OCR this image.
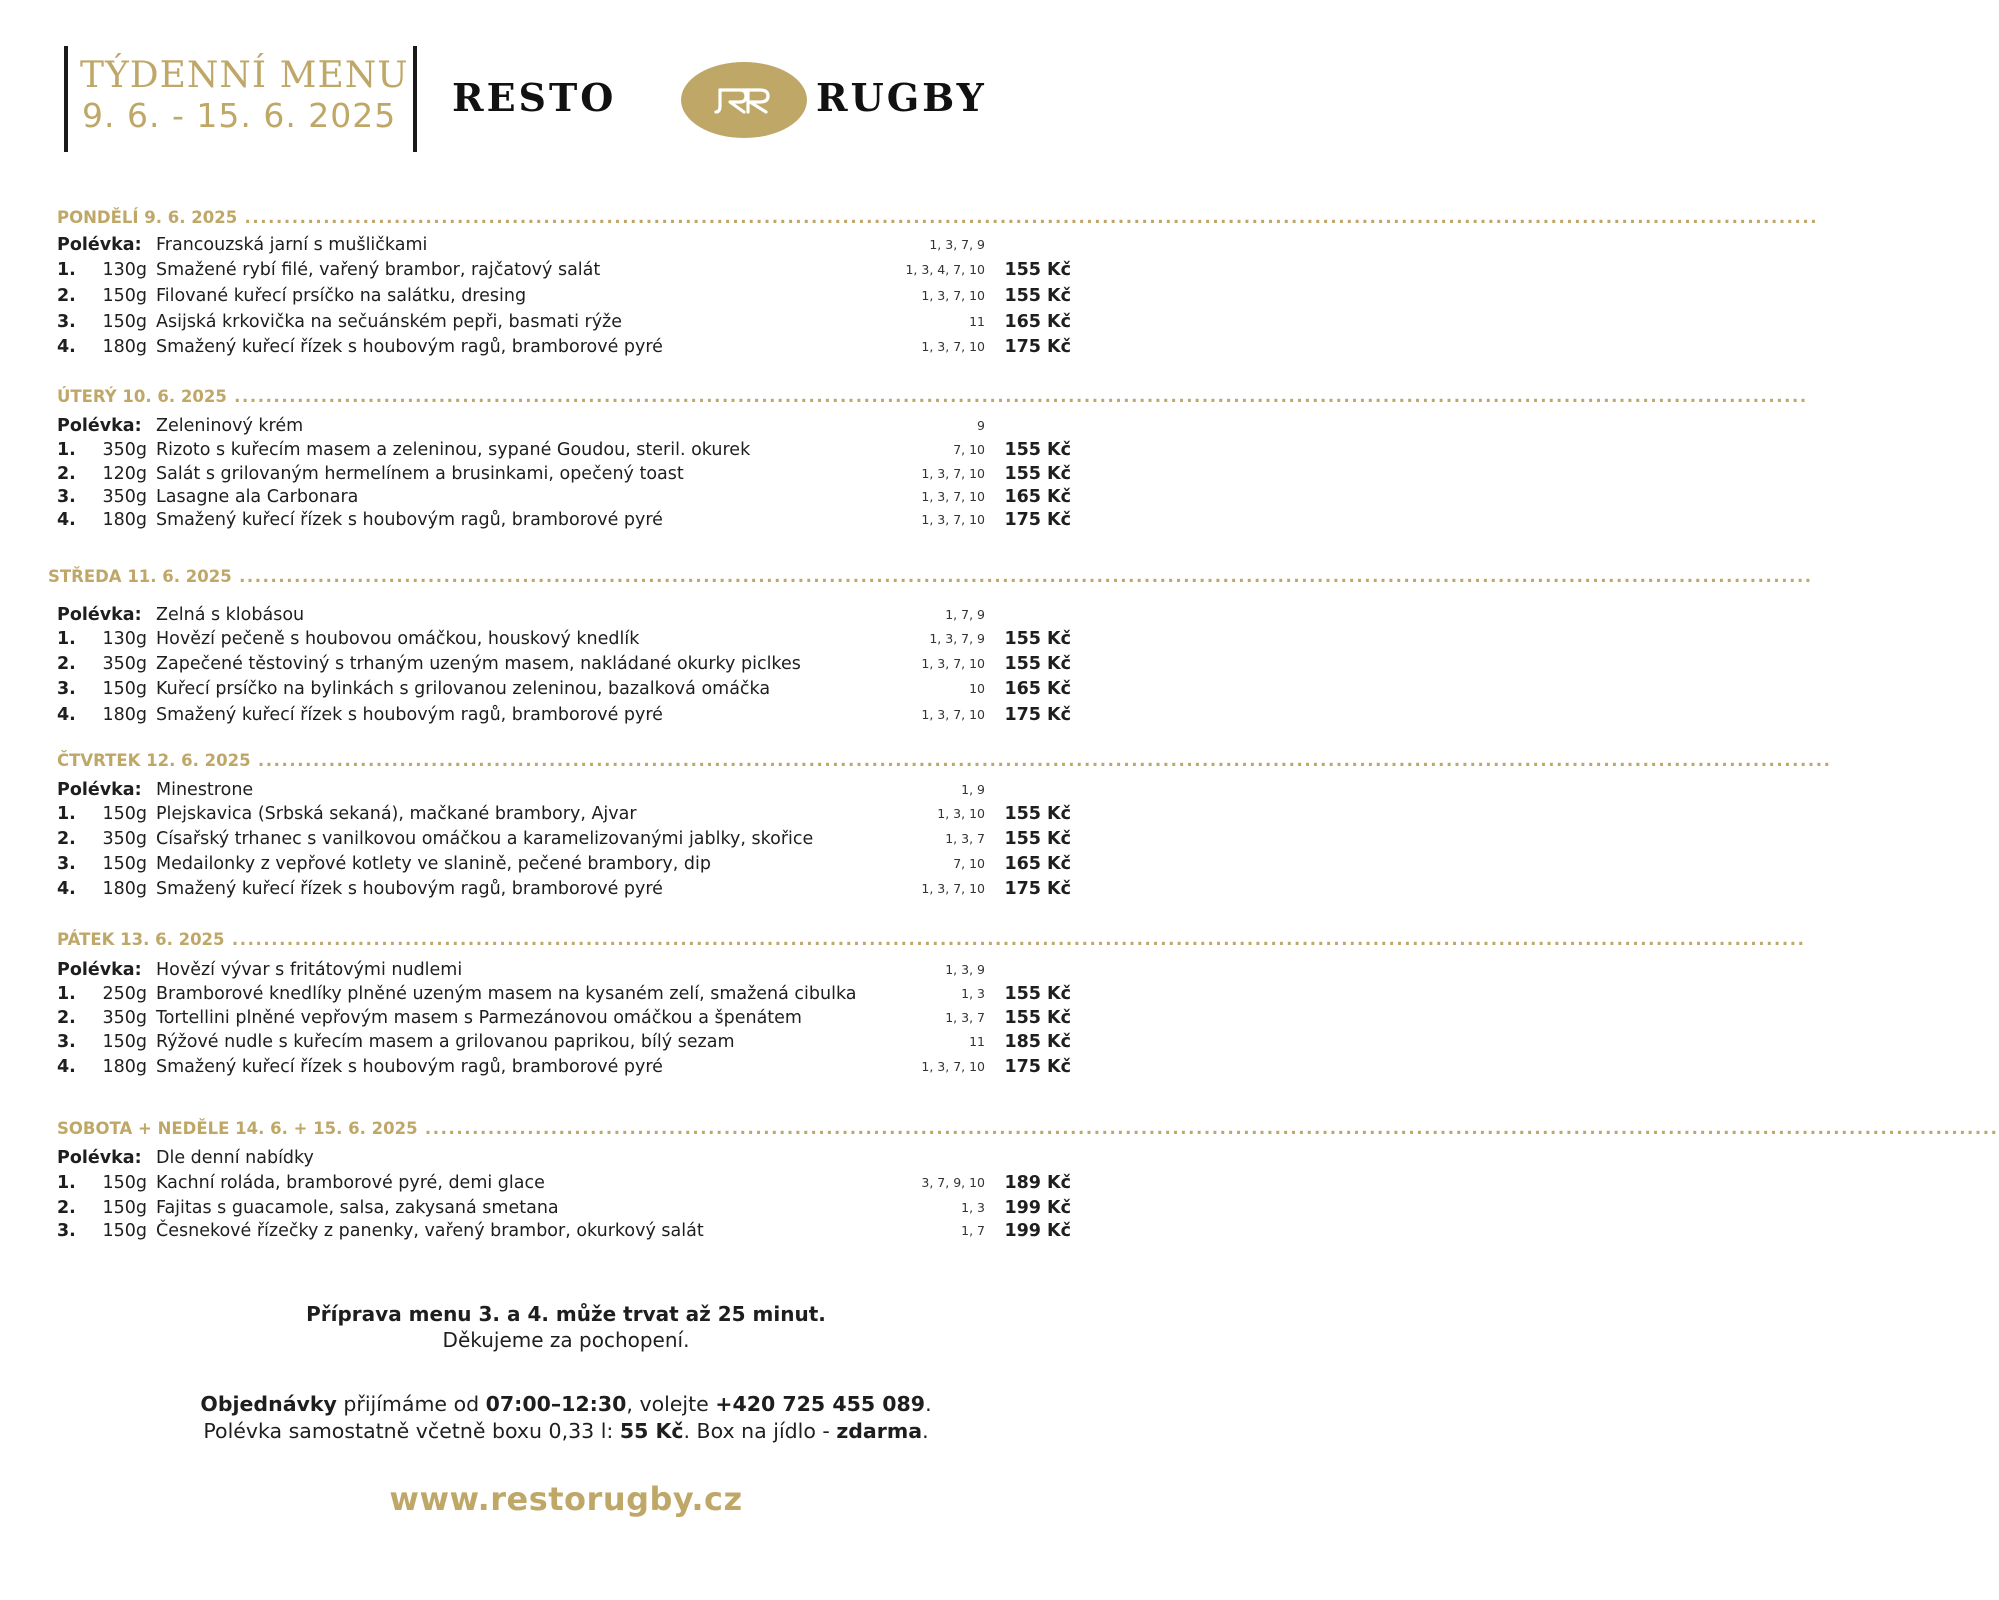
TÝDENNÍ MENU
9. 6. - 15. 6. 2025 RESTO	RUGBY
PONDĚLÍ 9. 6. 2025 ........................................................................................................................................................................................................
Polévka: Francouzská jarní s mušličkami	1, 3, 7, 9
1. 130g Smažené rybí filé, vařený brambor, rajčatový salát	1, 3, 4, 7, 10 155 Kč
2. 150g Filované kuřecí prsíčko na salátku, dresing	1, 3, 7, 10 155 Kč
3. 150g Asijská krkovička na sečuánském pepři, basmati rýže	11 165 Kč
4. 180g Smažený kuřecí řízek s houbovým ragů, bramborové pyré	1, 3, 7, 10 175 Kč
ÚTERÝ 10. 6. 2025 ........................................................................................................................................................................................................
Polévka: Zeleninový krém	9
1. 350g Rizoto s kuřecím masem a zeleninou, sypané Goudou, steril. okurek	7, 10 155 Kč
2. 120g Salát s grilovaným hermelínem a brusinkami, opečený toast	1, 3, 7, 10 155 Kč
3. 350g Lasagne ala Carbonara	1, 3, 7, 10 165 Kč
4. 180g Smažený kuřecí řízek s houbovým ragů, bramborové pyré	1, 3, 7, 10 175 Kč
STŘEDA 11. 6. 2025 ........................................................................................................................................................................................................
Polévka: Zelná s klobásou	1, 7, 9
1. 130g Hovězí pečeně s houbovou omáčkou, houskový knedlík	1, 3, 7, 9 155 Kč
2. 350g Zapečené těstoviný s trhaným uzeným masem, nakládané okurky piclkes	1, 3, 7, 10 155 Kč
3. 150g Kuřecí prsíčko na bylinkách s grilovanou zeleninou, bazalková omáčka	10 165 Kč
4. 180g Smažený kuřecí řízek s houbovým ragů, bramborové pyré	1, 3, 7, 10 175 Kč
ČTVRTEK 12. 6. 2025 ........................................................................................................................................................................................................
Polévka: Minestrone	1, 9
1. 150g Plejskavica (Srbská sekaná), mačkané brambory, Ajvar	1, 3, 10 155 Kč
2. 350g Císařský trhanec s vanilkovou omáčkou a karamelizovanými jablky, skořice	1, 3, 7 155 Kč
3. 150g Medailonky z vepřové kotlety ve slanině, pečené brambory, dip	7, 10 165 Kč
4. 180g Smažený kuřecí řízek s houbovým ragů, bramborové pyré	1, 3, 7, 10 175 Kč
PÁTEK 13. 6. 2025 ........................................................................................................................................................................................................
Polévka: Hovězí vývar s fritátovými nudlemi	1, 3, 9
1. 250g Bramborové knedlíky plněné uzeným masem na kysaném zelí, smažená cibulka	1, 3 155 Kč
2. 350g Tortellini plněné vepřovým masem s Parmezánovou omáčkou a špenátem	1, 3, 7 155 Kč
3. 150g Rýžové nudle s kuřecím masem a grilovanou paprikou, bílý sezam	11 185 Kč
4. 180g Smažený kuřecí řízek s houbovým ragů, bramborové pyré	1, 3, 7, 10 175 Kč
SOBOTA + NEDĚLE 14. 6. + 15. 6. 2025 ........................................................................................................................................................................................................
Polévka: Dle denní nabídky
1. 150g Kachní roláda, bramborové pyré, demi glace	3, 7, 9, 10 189 Kč
2. 150g Fajitas s guacamole, salsa, zakysaná smetana	1, 3 199 Kč
3. 150g Česnekové řízečky z panenky, vařený brambor, okurkový salát	1, 7 199 Kč
Příprava menu 3. a 4. může trvat až 25 minut.
Děkujeme za pochopení.
Objednávky přijímáme od 07:00–12:30, volejte +420 725 455 089.
Polévka samostatně včetně boxu 0,33 l: 55 Kč. Box na jídlo - zdarma.
www.restorugby.cz
